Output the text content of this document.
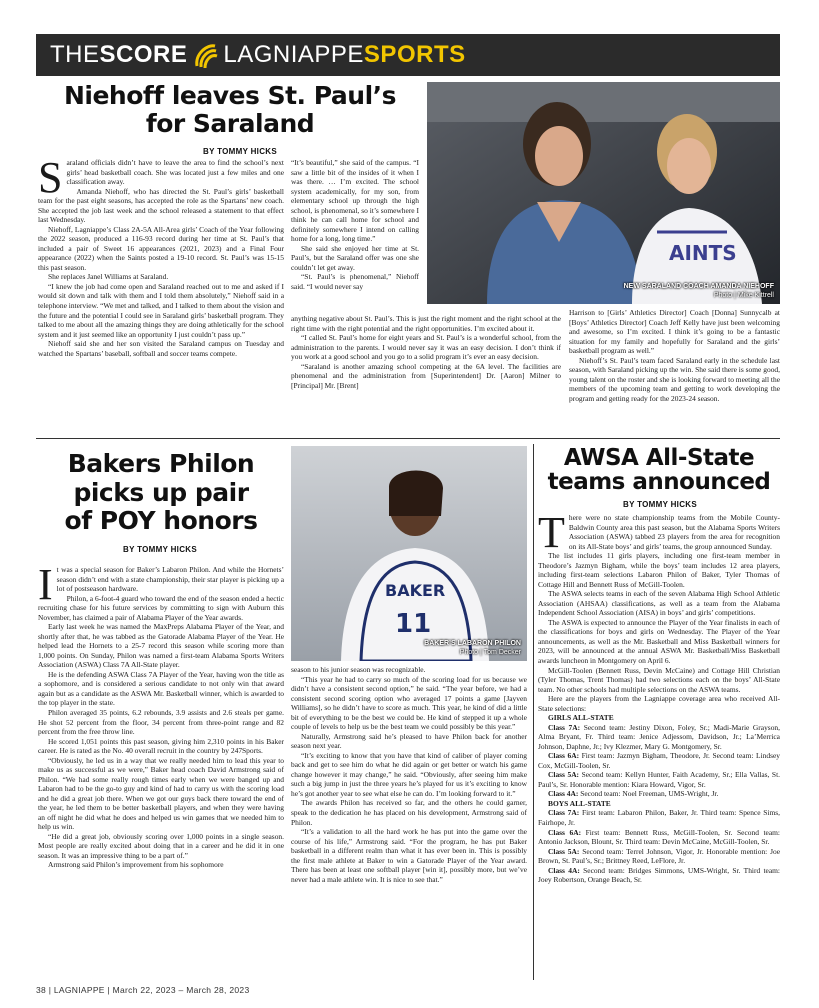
THESCORE LAGNIAPPE SPORTS
Niehoff leaves St. Paul’s
for Saraland
BY TOMMY HICKS
S araland officials didn’t have to leave the area to find the school’s next girls’ head basketball coach. She was located just a few miles and one classification away.

Amanda Niehoff, who has directed the St. Paul’s girls’ basketball team for the past eight seasons, has accepted the role as the Spartans’ new coach. She accepted the job last week and the school released a statement to that effect last Wednesday.

Niehoff, Lagniappe’s Class 2A-5A All-Area girls’ Coach of the Year following the 2022 season, produced a 116-93 record during her time at St. Paul’s that included a pair of Sweet 16 appearances (2021, 2023) and a Final Four appearance (2022) when the Saints posted a 19-10 record. St. Paul’s was 15-15 this past season.

She replaces Janel Williams at Saraland.

“I knew the job had come open and Saraland reached out to me and asked if I would sit down and talk with them and I told them absolutely,” Niehoff said in a telephone interview. “We met and talked, and I talked to them about the vision and the future and the potential I could see in Saraland girls’ basketball program. They talked to me about all the amazing things they are doing athletically for the school system and it just seemed like an opportunity I just couldn’t pass up.”

Niehoff said she and her son visited the Saraland campus on Tuesday and watched the Spartans’ baseball, softball and soccer teams compete.

“It’s beautiful,” she said of the campus. “I saw a little bit of the insides of it when I was there. … I’m excited. The school system academically, for my son, from elementary school up through the high school, is phenomenal, so it’s somewhere I think he can call home for school and definitely somewhere I intend on calling home for a long, long time.”

She said she enjoyed her time at St. Paul’s, but the Saraland offer was one she couldn’t let get away.

“St. Paul’s is phenomenal,” Niehoff said. “I would never say

anything negative about St. Paul’s. This is just the right moment and the right school at the right time with the right potential and the right opportunities. I’m excited about it.

“I called St. Paul’s home for eight years and St. Paul’s is a wonderful school, from the administration to the parents. I would never say it was an easy decision. I don’t think if you work at a good school and you go to a solid program it’s ever an easy decision.

“Saraland is another amazing school competing at the 6A level. The facilities are phenomenal and the administration from [Superintendent] Dr. [Aaron] Milner to [Principal] Mr. [Brent]

Harrison to [Girls’ Athletics Director] Coach [Donna] Sunnycalb at [Boys’ Athletics Director] Coach Jeff Kelly have just been welcoming and awesome, so I’m excited. I think it’s going to be a fantastic situation for my family and hopefully for Saraland and the girls’ basketball program as well.”

Niehoff’s St. Paul’s team faced Saraland early in the schedule last season, with Saraland picking up the win. She said there is some good, young talent on the roster and she is looking forward to meeting all the members of the upcoming team and getting to work developing the program and getting ready for the 2023-24 season.

AINTS
NEW SARALAND COACH AMANDA NIEHOFF
Photo | Mike Kittrell
Bakers Philon
picks up pair
of POY honors
BY TOMMY HICKS
I t was a special season for Baker’s Labaron Philon. And while the Hornets’ season didn’t end with a state championship, their star player is picking up a lot of postseason hardware.

Philon, a 6-foot-4 guard who toward the end of the season ended a hectic recruiting chase for his future services by committing to sign with Auburn this November, has claimed a pair of Alabama Player of the Year awards.

Early last week he was named the MaxPreps Alabama Player of the Year, and shortly after that, he was tabbed as the Gatorade Alabama Player of the Year. He helped lead the Hornets to a 25-7 record this season while scoring more than 1,000 points. On Sunday, Philon was named a first-team Alabama Sports Writers Association (ASWA) Class 7A All-State player.

He is the defending ASWA Class 7A Player of the Year, having won the title as a sophomore, and is considered a serious candidate to not only win that award again but as a candidate as the ASWA Mr. Basketball winner, which is awarded to the top player in the state.

Philon averaged 35 points, 6.2 rebounds, 3.9 assists and 2.6 steals per game. He shot 52 percent from the floor, 34 percent from three-point range and 82 percent from the free throw line.

He scored 1,051 points this past season, giving him 2,310 points in his Baker career. He is rated as the No. 40 overall recruit in the country by 247Sports.

“Obviously, he led us in a way that we really needed him to lead this year to make us as successful as we were,” Baker head coach David Armstrong said of Philon. “We had some really rough times early when we were banged up and Labaron had to be the go-to guy and kind of had to carry us with the scoring load and he did a great job there. When we got our guys back there toward the end of the year, he led them to be better basketball players, and when they were having an off night he did what he does and helped us win games that we needed him to help us win.

“He did a great job, obviously scoring over 1,000 points in a single season. Most people are really excited about doing that in a career and he did it in one season. It was an impressive thing to be a part of.”

Armstrong said Philon’s improvement from his sophomore

BAKER
11
BAKER’S LABARON PHILON
Photo | Tom Decker

season to his junior season was recognizable.

“This year he had to carry so much of the scoring load for us because we didn’t have a consistent second option,” he said. “The year before, we had a consistent second scoring option who averaged 17 points a game [Jayven Williams], so he didn’t have to score as much. This year, he kind of did a little bit of everything to be the best we could be. He kind of stepped it up a whole couple of levels to help us be the best team we could possibly be this year.”

Naturally, Armstrong said he’s pleased to have Philon back for another season next year.

“It’s exciting to know that you have that kind of caliber of player coming back and get to see him do what he did again or get better or watch his game change however it may change,” he said. “Obviously, after seeing him make such a big jump in just the three years he’s played for us it’s exciting to know he’s got another year to see what else he can do. I’m looking forward to it.”

The awards Philon has received so far, and the others he could garner, speak to the dedication he has placed on his development, Armstrong said of Philon.

“It’s a validation to all the hard work he has put into the game over the course of his life,” Armstrong said. “For the program, he has put Baker basketball in a different realm than what it has ever been in. This is possibly the first male athlete at Baker to win a Gatorade Player of the Year award. There has been at least one softball player [win it], possibly more, but we’ve never had a male athlete win. It is nice to see that.”

AWSA All-State
teams announced
BY TOMMY HICKS
T here were no state championship teams from the Mobile County-Baldwin County area this past season, but the Alabama Sports Writers Association (ASWA) tabbed 23 players from the area for recognition on its All-State boys’ and girls’ teams, the group announced Sunday.

The list includes 11 girls players, including one first-team member in Theodore’s Jazmyn Bigham, while the boys’ team includes 12 area players, including first-team selections Labaron Philon of Baker, Tyler Thomas of Cottage Hill and Bennett Russ of McGill-Toolen.

The ASWA selects teams in each of the seven Alabama High School Athletic Association (AHSAA) classifications, as well as a team from the Alabama Independent School Association (AISA) in boys’ and girls’ competitions.

The ASWA is expected to announce the Player of the Year finalists in each of the classifications for boys and girls on Wednesday. The Player of the Year announcements, as well as the Mr. Basketball and Miss Basketball winners for 2023, will be announced at the annual ASWA Mr. Basketball/Miss Basketball awards luncheon in Montgomery on April 6.

McGill-Toolen (Bennett Russ, Devin McCaine) and Cottage Hill Christian (Tyler Thomas, Trent Thomas) had two selections each on the boys’ All-State team. No other schools had multiple selections on the ASWA teams.

Here are the players from the Lagniappe coverage area who received All-State selections:

GIRLS ALL-STATE

Class 7A: Second team: Jestiny Dixon, Foley, Sr.; Madi-Marie Grayson, Alma Bryant, Fr. Third team: Jenice Adjessom, Davidson, Jr.; La’Merrica Johnson, Daphne, Jr.; Ivy Klezmer, Mary G. Montgomery, Sr.

Class 6A: First team: Jazmyn Bigham, Theodore, Jr. Second team: Lindsey Cox, McGill-Toolen, Sr.

Class 5A: Second team: Kellyn Hunter, Faith Academy, Sr.; Ella Vallas, St. Paul’s, Sr. Honorable mention: Kiara Howard, Vigor, Sr.

Class 4A: Second team: Noel Freeman, UMS-Wright, Jr.

BOYS ALL-STATE

Class 7A: First team: Labaron Philon, Baker, Jr. Third team: Spence Sims, Fairhope, Jr.

Class 6A: First team: Bennett Russ, McGill-Toolen, Sr. Second team: Antonio Jackson, Blount, Sr. Third team: Devin McCaine, McGill-Toolen, Sr.

Class 5A: Second team: Terrel Johnson, Vigor, Jr. Honorable mention: Joe Brown, St. Paul’s, Sr.; Brittney Reed, LeFlore, Jr.

Class 4A: Second team: Bridges Simmons, UMS-Wright, Sr. Third team: Joey Robertson, Orange Beach, Sr.

38 | LAGNIAPPE | March 22, 2023 – March 28, 2023
